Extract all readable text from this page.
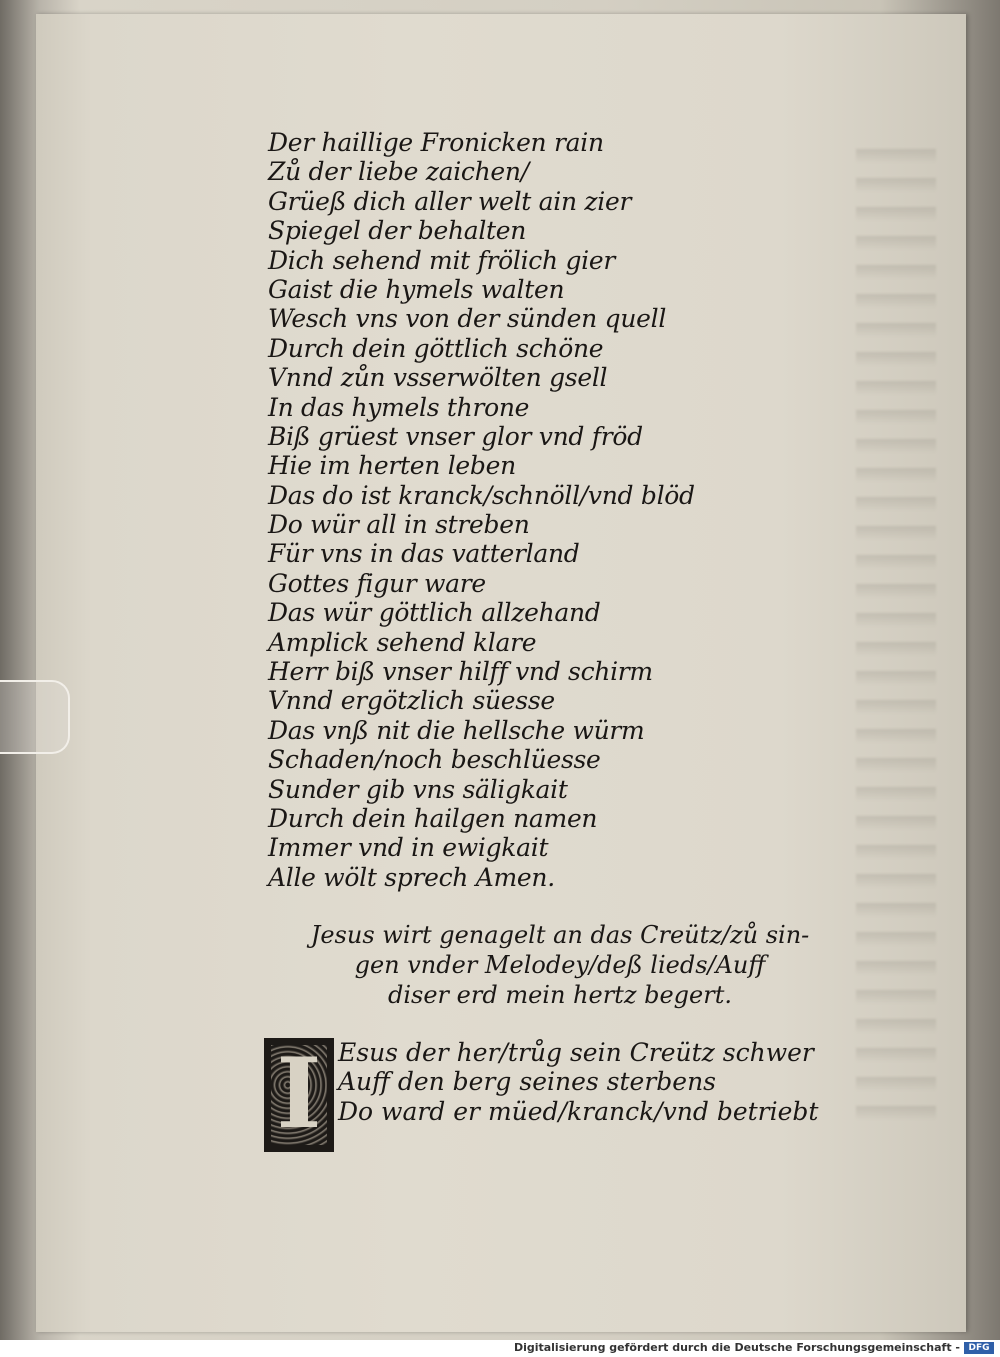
Der haillige Fronicken rain
Zů der liebe zaichen/
Grüeß dich aller welt ain zier
Spiegel der behalten
Dich sehend mit frölich gier
Gaist die hymels walten
Wesch vns von der sünden quell
Durch dein göttlich schöne
Vnnd zůn vsserwölten gsell
In das hymels throne
Biß grüest vnser glor vnd fröd
Hie im herten leben
Das do ist kranck/schnöll/vnd blöd
Do wür all in streben
Für vns in das vatterland
Gottes figur ware
Das wür göttlich allzehand
Amplick sehend klare
Herr biß vnser hilff vnd schirm
Vnnd ergötzlich süesse
Das vnß nit die hellsche würm
Schaden/noch beschlüesse
Sunder gib vns säligkait
Durch dein hailgen namen
Immer vnd in ewigkait
Alle wölt sprech Amen.
Jesus wirt genagelt an das Creütz/zů sin-
gen vnder Melodey/deß lieds/Auff
diser erd mein hertz begert.
I Esus der her/trůg sein Creütz schwer
Auff den berg seines sterbens
Do ward er müed/kranck/vnd betriebt
Digitalisierung gefördert durch die Deutsche Forschungsgemeinschaft - DFG
